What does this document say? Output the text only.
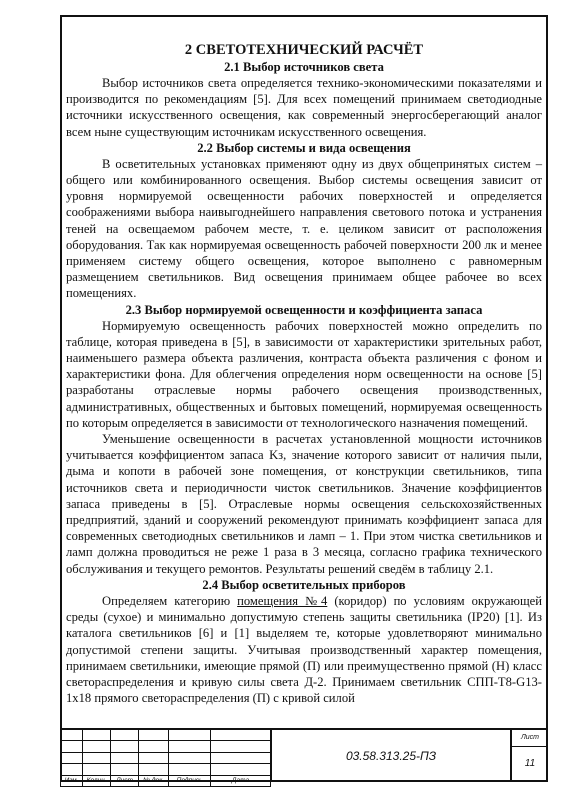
2 СВЕТОТЕХНИЧЕСКИЙ РАСЧЁТ

2.1 Выбор источников света

Выбор источников света определяется технико-экономическими показателями и производится по рекомендациям [5]. Для всех помещений принимаем светодиодные источники искусственного освещения, как современный энергосберегающий аналог всем ныне существующим источникам искусственного освещения.

2.2 Выбор системы и вида освещения

В осветительных установках применяют одну из двух общепринятых систем – общего или комбинированного освещения. Выбор системы освещения зависит от уровня нормируемой освещенности рабочих поверхностей и определяется соображениями выбора наивыгоднейшего направления светового потока и устранения теней на освещаемом рабочем месте, т. е. целиком зависит от расположения оборудования. Так как нормируемая освещенность рабочей поверхности 200 лк и менее применяем систему общего освещения, которое выполнено с равномерным размещением светильников. Вид освещения принимаем общее рабочее во всех помещениях.

2.3 Выбор нормируемой освещенности и коэффициента запаса

Нормируемую освещенность рабочих поверхностей можно определить по таблице, которая приведена в [5], в зависимости от характеристики зрительных работ, наименьшего размера объекта различения, контраста объекта различения с фоном и характеристики фона. Для облегчения определения норм освещенности на основе [5] разработаны отраслевые нормы рабочего освещения производственных, административных, общественных и бытовых помещений, нормируемая освещенность по которым определяется в зависимости от технологического назначения помещений.

Уменьшение освещенности в расчетах установленной мощности источников учитывается коэффициентом запаса Kз, значение которого зависит от наличия пыли, дыма и копоти в рабочей зоне помещения, от конструкции светильников, типа источников света и периодичности чисток светильников. Значение коэффициентов запаса приведены в [5]. Отраслевые нормы освещения сельскохозяйственных предприятий, зданий и сооружений рекомендуют принимать коэффициент запаса для современных светодиодных светильников и ламп – 1. При этом чистка светильников и ламп должна проводиться не реже 1 раза в 3 месяца, согласно графика технического обслуживания и текущего ремонтов. Результаты решений сведём в таблицу 2.1.

2.4 Выбор осветительных приборов

Определяем категорию помещения №4 (коридор) по условиям окружающей среды (сухое) и минимально допустимую степень защиты светильника (IP20) [1]. Из каталога светильников [6] и [1] выделяем те, которые удовлетворяют минимально допустимой степени защиты. Учитывая производственный характер помещения, принимаем светильники, имеющие прямой (П) или преимущественно прямой (Н) класс светораспределения и кривую силы света Д-2. Принимаем светильник СПП-Т8-G13-1x18 прямого светораспределения (П) с кривой силой

Изм.	Колич.	Лист	№ док.	Подпись	Дата
03.58.313.25-ПЗ
Лист
11
